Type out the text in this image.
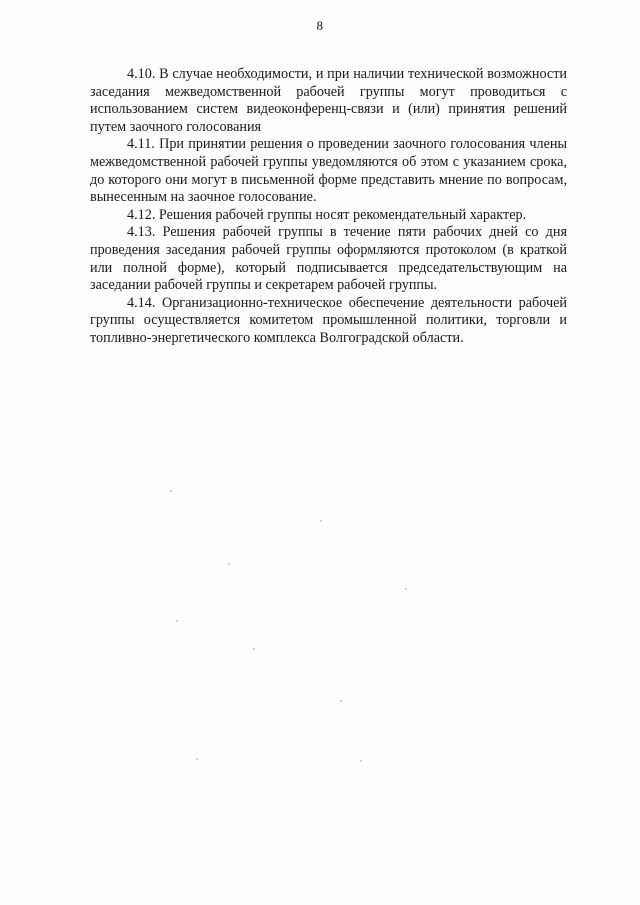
8

4.10. В случае необходимости, и при наличии технической возможности заседания межведомственной рабочей группы могут проводиться с использованием систем видеоконференц-связи и (или) принятия решений путем заочного голосования

4.11. При принятии решения о проведении заочного голосования члены межведомственной рабочей группы уведомляются об этом с указанием срока, до которого они могут в письменной форме представить мнение по вопросам, вынесенным на заочное голосование.

4.12. Решения рабочей группы носят рекомендательный характер.

4.13. Решения рабочей группы в течение пяти рабочих дней со дня проведения заседания рабочей группы оформляются протоколом (в краткой или полной форме), который подписывается председательствующим на заседании рабочей группы и секретарем рабочей группы.

4.14. Организационно-техническое обеспечение деятельности рабочей группы осуществляется комитетом промышленной политики, торговли и топливно-энергетического комплекса Волгоградской области.
